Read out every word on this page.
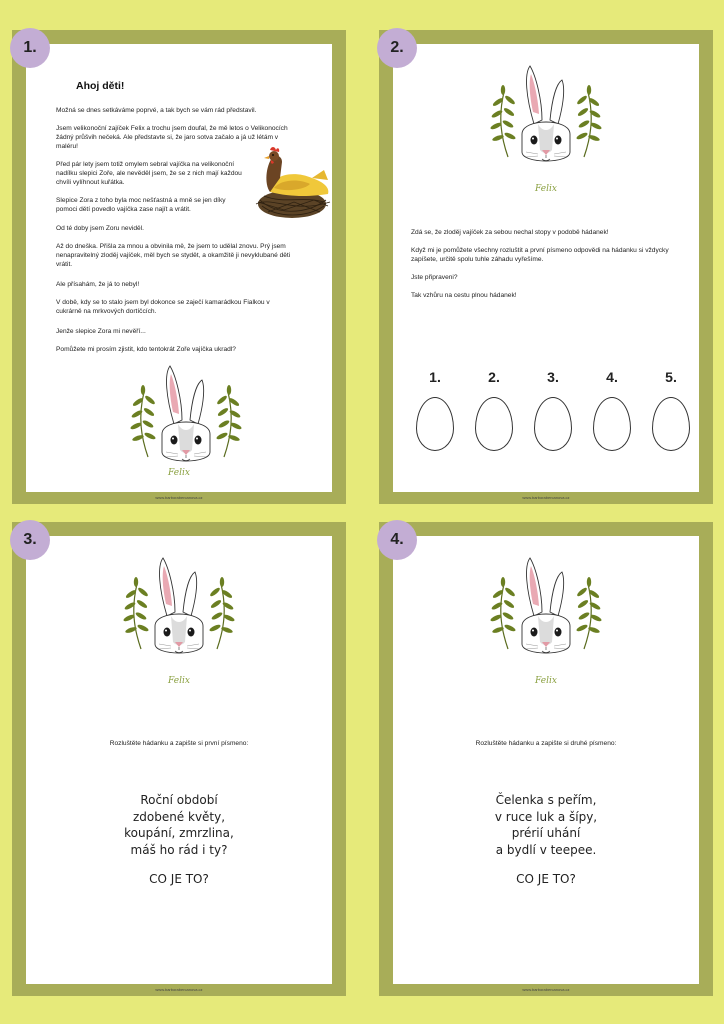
1.
Ahoj děti!

Možná se dnes setkáváme poprvé, a tak bych se vám rád představil.

Jsem velikonoční zajíček Felix a trochu jsem doufal, že mě letos o Velikonocích žádný průšvih nečeká. Ale představte si, že jaro sotva začalo a já už létám v maléru!

Před pár lety jsem totiž omylem sebral vajíčka na velikonoční nadílku slepici Zoře, ale nevěděl jsem, že se z nich mají každou chvíli vylíhnout kuřátka.

Slepice Zora z toho byla moc nešťastná a mně se jen díky pomoci dětí povedlo vajíčka zase najít a vrátit.

Od té doby jsem Zoru neviděl.

Až do dneška. Přišla za mnou a obvinila mě, že jsem to udělal znovu. Prý jsem nenapravitelný zloděj vajíček, měl bych se stydět, a okamžitě ji nevyklubané děti vrátit.

Ale přísahám, že já to nebyl!

V době, kdy se to stalo jsem byl dokonce se zaječí kamarádkou Fialkou v cukrárně na mrkvových dortíčcích.

Jenže slepice Zora mi nevěří...

Pomůžete mi prosím zjistit, kdo tentokrát Zoře vajíčka ukradl?

Felix
www.barborabercanova.cz
2.
Felix

Zdá se, že zloděj vajíček za sebou nechal stopy v podobě hádanek!

Když mi je pomůžete všechny rozluštit a první písmeno odpovědi na hádanku si vždycky zapíšete, určitě spolu tuhle záhadu vyřešíme.

Jste připraveni?

Tak vzhůru na cestu plnou hádanek!

1.	2.	3.	4.	5.
www.barborabercanova.cz
3.
Felix
Rozluštěte hádanku a zapište si první písmeno:
Roční období
zdobené květy,
koupání, zmrzlina,
máš ho rád i ty?
CO JE TO?
www.barborabercanova.cz
4.
Felix
Rozluštěte hádanku a zapište si druhé písmeno:
Čelenka s peřím,
v ruce luk a šípy,
prérií uhání
a bydlí v teepee.
CO JE TO?
www.barborabercanova.cz
